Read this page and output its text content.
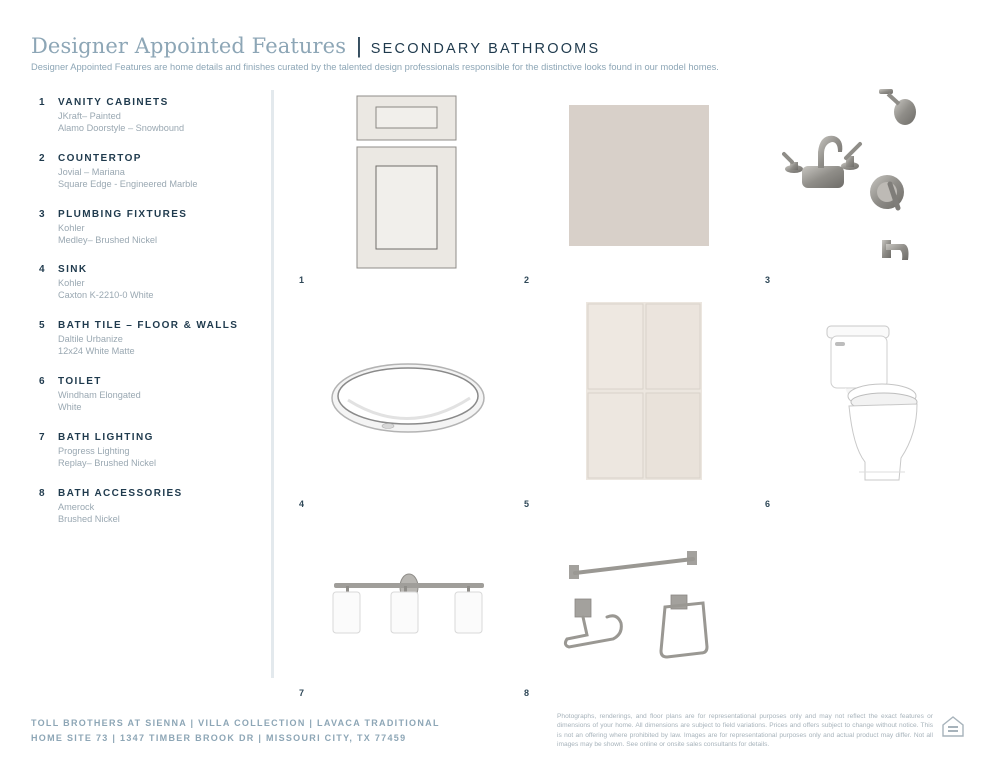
Designer Appointed Features | SECONDARY BATHROOMS
Designer Appointed Features are home details and finishes curated by the talented design professionals responsible for the distinctive looks found in our model homes.
1	VANITY CABINETS
JKraft– Painted
Alamo Doorstyle – Snowbound
2	COUNTERTOP
Jovial – Mariana
Square Edge - Engineered Marble
3	PLUMBING FIXTURES
Kohler
Medley– Brushed Nickel
4	SINK
Kohler
Caxton K-2210-0 White
5	BATH TILE – FLOOR & WALLS
Daltile Urbanize
12x24 White Matte
6	TOILET
Windham Elongated
White
7	BATH LIGHTING
Progress Lighting
Replay– Brushed Nickel
8	BATH ACCESSORIES
Amerock
Brushed Nickel
1	2	3
4	5	6
7	8
TOLL BROTHERS AT SIENNA | VILLA COLLECTION | LAVACA TRADITIONAL
HOME SITE 73 | 1347 TIMBER BROOK DR | MISSOURI CITY, TX 77459
Photographs, renderings, and floor plans are for representational purposes only and may not reflect the exact features or dimensions of your home. All dimensions are subject to field variations. Prices and offers subject to change without notice. This is not an offering where prohibited by law. Images are for representational purposes only and actual product may differ. Not all images may be shown. See online or onsite sales consultants for details.
